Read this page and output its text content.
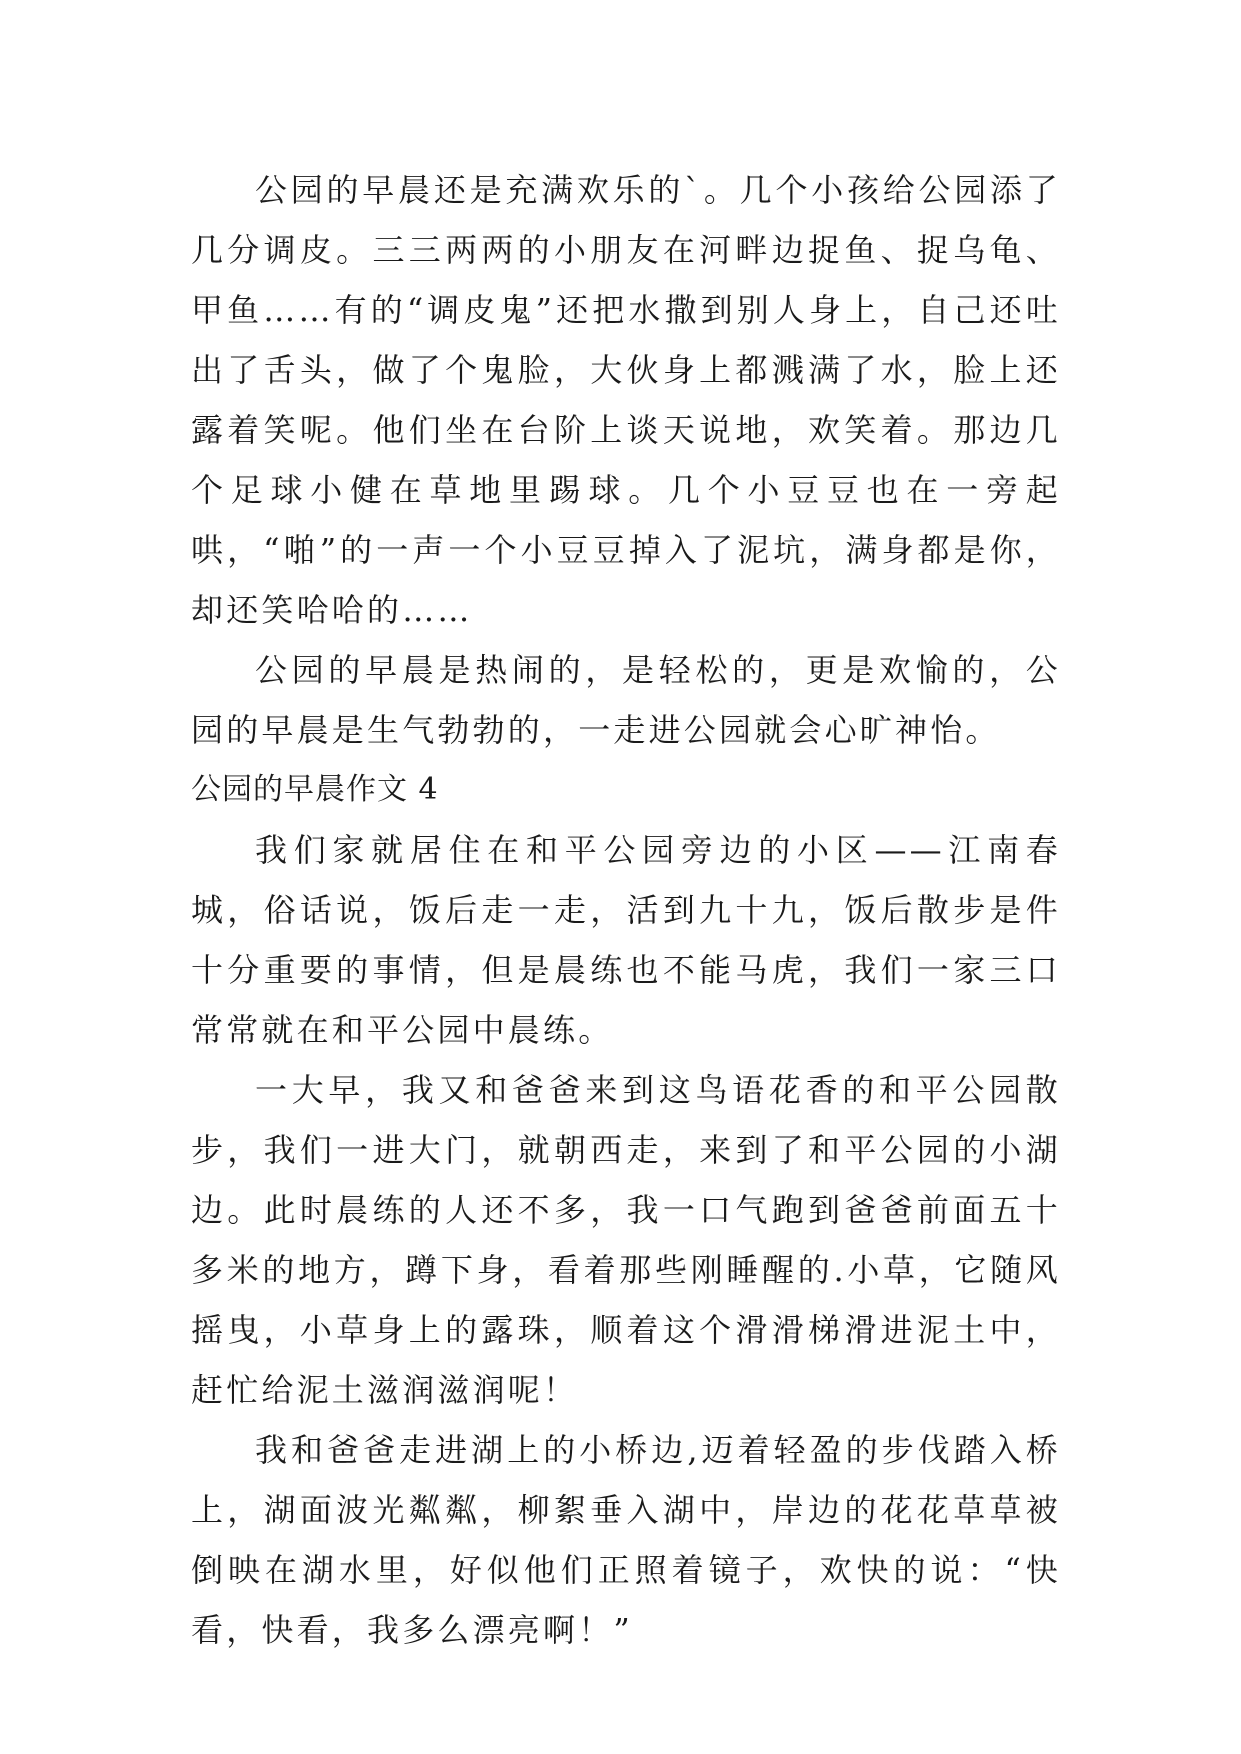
公园的早晨还是充满欢乐的`。几个小孩给公园添了几分调皮。三三两两的小朋友在河畔边捉鱼、捉乌龟、甲鱼……有的“调皮鬼”还把水撒到别人身上，自己还吐出了舌头，做了个鬼脸，大伙身上都溅满了水，脸上还露着笑呢。他们坐在台阶上谈天说地，欢笑着。那边几个足球小健在草地里踢球。几个小豆豆也在一旁起哄，“啪”的一声一个小豆豆掉入了泥坑，满身都是你，却还笑哈哈的……

公园的早晨是热闹的，是轻松的，更是欢愉的，公园的早晨是生气勃勃的，一走进公园就会心旷神怡。

公园的早晨作文 4

我们家就居住在和平公园旁边的小区——江南春城，俗话说，饭后走一走，活到九十九，饭后散步是件十分重要的事情，但是晨练也不能马虎，我们一家三口常常就在和平公园中晨练。

一大早，我又和爸爸来到这鸟语花香的和平公园散步，我们一进大门，就朝西走，来到了和平公园的小湖边。此时晨练的人还不多，我一口气跑到爸爸前面五十多米的地方，蹲下身，看着那些刚睡醒的.小草，它随风摇曳，小草身上的露珠，顺着这个滑滑梯滑进泥土中，赶忙给泥土滋润滋润呢！

我和爸爸走进湖上的小桥边,迈着轻盈的步伐踏入桥上，湖面波光粼粼，柳絮垂入湖中，岸边的花花草草被倒映在湖水里，好似他们正照着镜子，欢快的说：“快看，快看，我多么漂亮啊！”
